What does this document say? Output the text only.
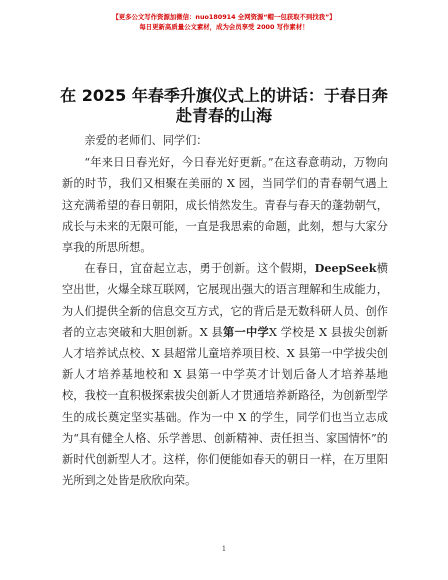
【更多公文写作资源加微信：nuo180914 全网资源“帽一包获取不到找我”】
每日更新高质量公文素材，成为会员享受 2000 写作素材！
在 2025 年春季升旗仪式上的讲话：于春日奔赴青春的山海

亲爱的老师们、同学们：

“年来日日春光好，今日春光好更新。”在这春意萌动，万物向新的时节，我们又相聚在美丽的 X 园，当同学们的青春朝气遇上这充满希望的春日朝阳，成长悄然发生。青春与春天的蓬勃朝气，成长与未来的无限可能，一直是我思索的命题，此刻，想与大家分享我的所思所想。

在春日，宜奋起立志，勇于创新。这个假期，DeepSeek横空出世，火爆全球互联网，它展现出强大的语言理解和生成能力，为人们提供全新的信息交互方式，它的背后是无数科研人员、创作者的立志突破和大胆创新。X 县第一中学X 学校是 X 县拔尖创新人才培养试点校、X 县超常儿童培养项目校、X 县第一中学拔尖创新人才培养基地校和 X 县第一中学英才计划后备人才培养基地校，我校一直积极探索拔尖创新人才贯通培养新路径，为创新型学生的成长奠定坚实基础。作为一中 X 的学生，同学们也当立志成为“具有健全人格、乐学善思、创新精神、责任担当、家国情怀”的新时代创新型人才。这样，你们便能如春天的朝日一样，在万里阳光所到之处皆是欣欣向荣。

1
